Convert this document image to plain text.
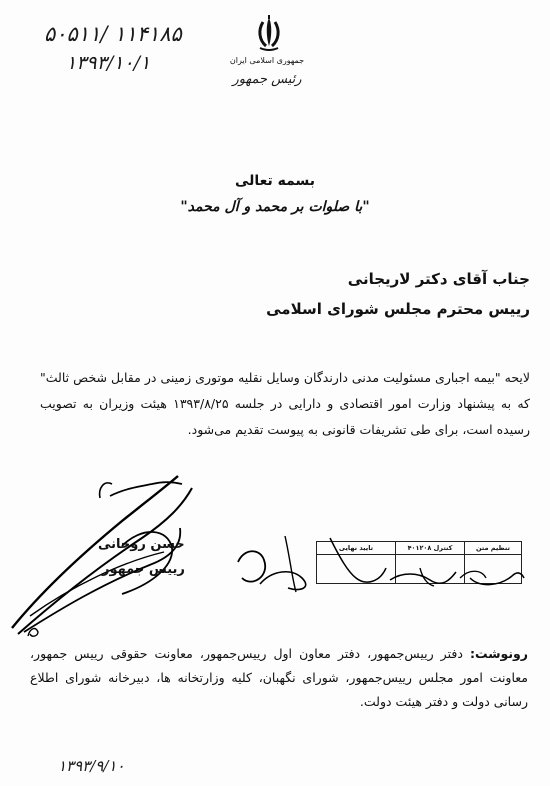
۵۰۵۱۱/ ۱۱۴۱۸۵
۱۳۹۳/۱۰/۱	جمهوری اسلامی ایران
رئیس جمهور
بسمه تعالی
"با صلوات بر محمد و آل محمد"
جناب آقای دکتر لاریجانی
رییس محترم مجلس شورای اسلامی
لایحه "بیمه اجباری مسئولیت مدنی دارندگان وسایل نقلیه موتوری زمینی در مقابل شخص ثالث" که به پیشنهاد وزارت امور اقتصادی و دارایی در جلسه ۱۳۹۳/۸/۲۵ هیئت وزیران به تصویب رسیده است، برای طی تشریفات قانونی به پیوست تقدیم می‌شود.
حسن روحانی
رییس جمهور
تنظیم متن	کنترل ۴۰۱۲۰۸	تایید نهایی

رونوشت: دفتر رییس‌جمهور، دفتر معاون اول رییس‌جمهور، معاونت حقوقی رییس جمهور، معاونت امور مجلس رییس‌جمهور، شورای نگهبان، کلیه وزارتخانه ها، دبیرخانه شورای اطلاع رسانی دولت و دفتر هیئت دولت.
۱۳۹۳/۹/۱۰
